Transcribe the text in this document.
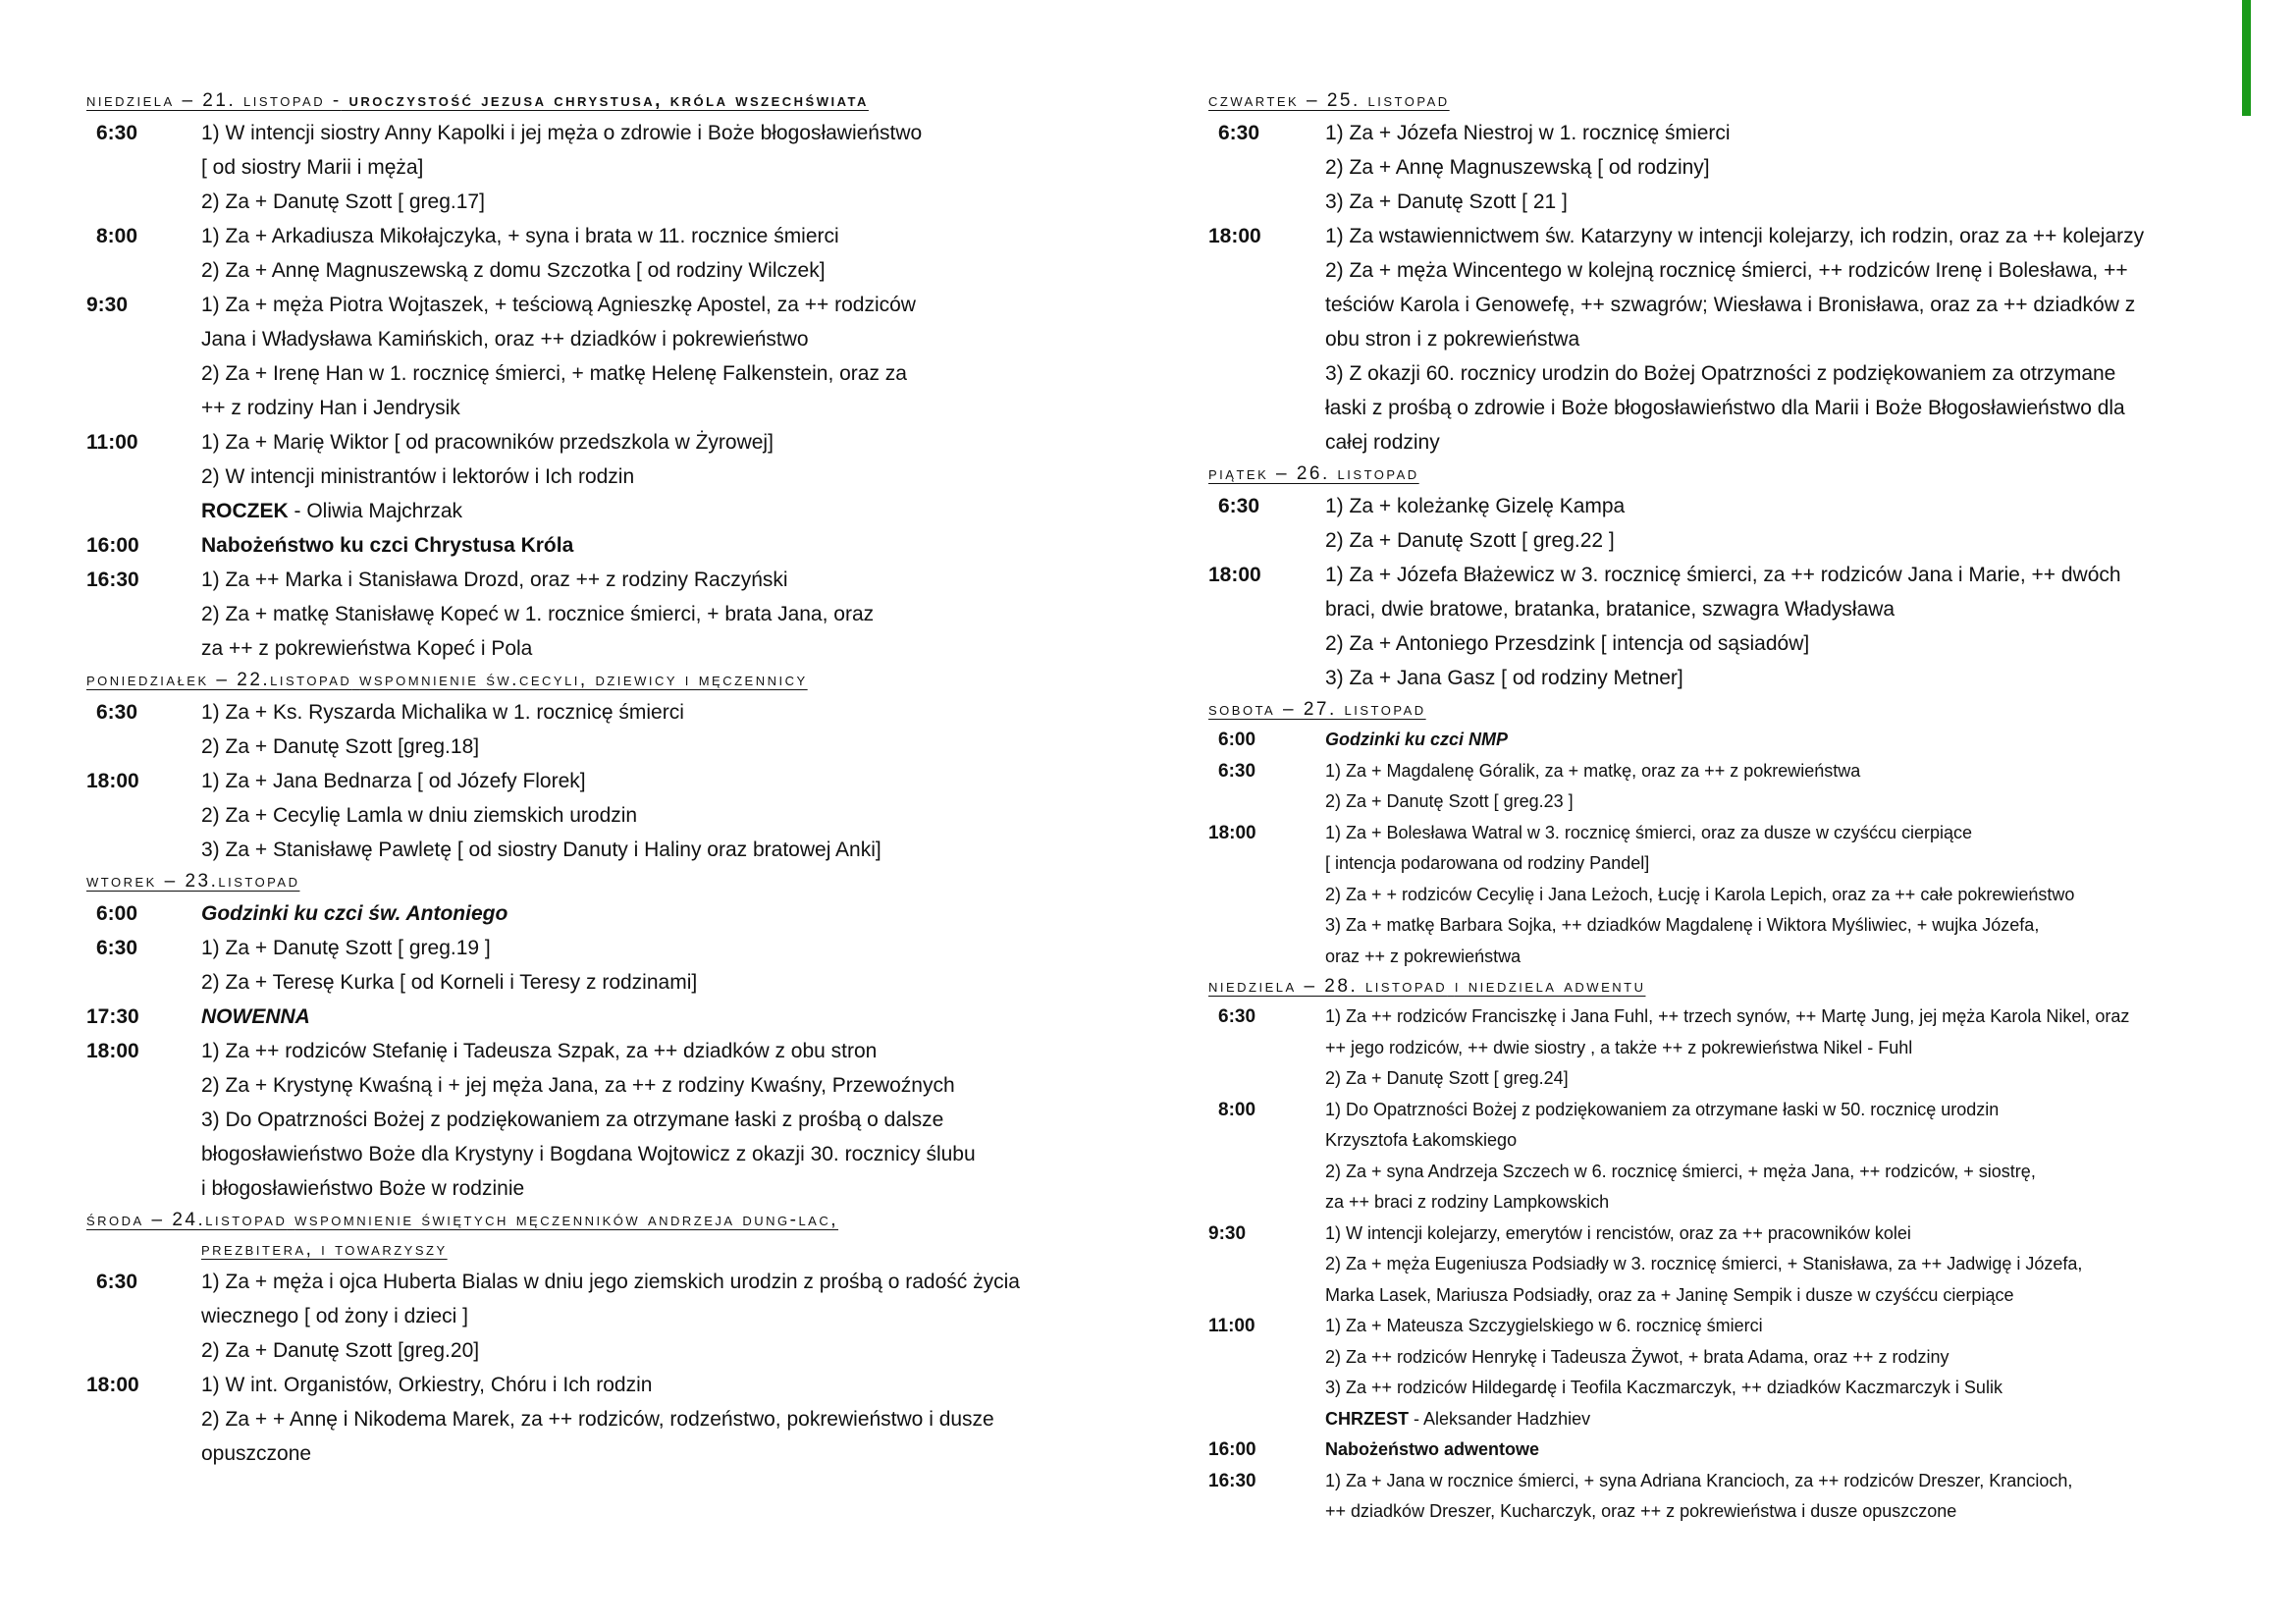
niedziela – 21. listopad - uroczystość jezusa chrystusa, króla wszechświata
6:30	1) W intencji siostry Anny Kapolki i jej męża o zdrowie i Boże błogosławieństwo
[ od siostry Marii i męża]
2) Za + Danutę Szott [ greg.17]
8:00	1) Za + Arkadiusza Mikołajczyka, + syna i brata w 11. rocznice śmierci
2) Za + Annę Magnuszewską z domu Szczotka [ od rodziny Wilczek]
9:30	1) Za + męża Piotra Wojtaszek, + teściową Agnieszkę Apostel, za ++ rodziców
Jana i Władysława Kamińskich, oraz ++ dziadków i pokrewieństwo
2) Za + Irenę Han w 1. rocznicę śmierci, + matkę Helenę Falkenstein, oraz za
++ z rodziny Han i Jendrysik
11:00	1) Za + Marię Wiktor [ od pracowników przedszkola w Żyrowej]
2) W intencji ministrantów i lektorów i Ich rodzin
ROCZEK - Oliwia Majchrzak
16:00	Nabożeństwo ku czci Chrystusa Króla
16:30	1) Za ++ Marka i Stanisława Drozd, oraz ++ z rodziny Raczyński
2) Za + matkę Stanisławę Kopeć w 1. rocznice śmierci, + brata Jana, oraz
za ++ z pokrewieństwa Kopeć i Pola
poniedziałek – 22.listopad wspomnienie św.cecyli, dziewicy i męczennicy
6:30	1) Za + Ks. Ryszarda Michalika w 1. rocznicę śmierci
2) Za + Danutę Szott [greg.18]
18:00	1) Za + Jana Bednarza [ od Józefy Florek]
2) Za + Cecylię Lamla w dniu ziemskich urodzin
3) Za + Stanisławę Pawletę [ od siostry Danuty i Haliny oraz bratowej Anki]
wtorek – 23.listopad
6:00	Godzinki ku czci św. Antoniego
6:30	1) Za + Danutę Szott [ greg.19 ]
2) Za + Teresę Kurka [ od Korneli i Teresy z rodzinami]
17:30	NOWENNA
18:00	1) Za ++ rodziców Stefanię i Tadeusza Szpak, za ++ dziadków z obu stron
2) Za + Krystynę Kwaśną i + jej męża Jana, za ++ z rodziny Kwaśny, Przewoźnych
3) Do Opatrzności Bożej z podziękowaniem za otrzymane łaski z prośbą o dalsze
błogosławieństwo Boże dla Krystyny i Bogdana Wojtowicz z okazji 30. rocznicy ślubu
i błogosławieństwo Boże w rodzinie
środa – 24.listopad wspomnienie świętych męczenników andrzeja dung-lac,
prezbitera, i towarzyszy
6:30	1) Za + męża i ojca Huberta Bialas w dniu jego ziemskich urodzin z prośbą o radość życia
wiecznego [ od żony i dzieci ]
2) Za + Danutę Szott [greg.20]
18:00	1) W int. Organistów, Orkiestry, Chóru i Ich rodzin
2) Za + + Annę i Nikodema Marek, za ++ rodziców, rodzeństwo, pokrewieństwo i dusze
opuszczone
czwartek – 25. listopad
6:30	1) Za + Józefa Niestroj w 1. rocznicę śmierci
2) Za + Annę Magnuszewską [ od rodziny]
3) Za + Danutę Szott [ 21 ]
18:00	1) Za wstawiennictwem św. Katarzyny w intencji kolejarzy, ich rodzin, oraz za ++ kolejarzy
2) Za + męża Wincentego w kolejną rocznicę śmierci, ++ rodziców Irenę i Bolesława, ++
teściów Karola i Genowefę, ++ szwagrów; Wiesława i Bronisława, oraz za ++ dziadków z
obu stron i z pokrewieństwa
3) Z okazji 60. rocznicy urodzin do Bożej Opatrzności z podziękowaniem za otrzymane
łaski z prośbą o zdrowie i Boże błogosławieństwo dla Marii i Boże Błogosławieństwo dla
całej rodziny
piątek – 26. listopad
6:30	1) Za + koleżankę Gizelę Kampa
2) Za + Danutę Szott [ greg.22 ]
18:00	1) Za + Józefa Błażewicz w 3. rocznicę śmierci, za ++ rodziców Jana i Marie, ++ dwóch
braci, dwie bratowe, bratanka, bratanice, szwagra Władysława
2) Za + Antoniego Przesdzink [ intencja od sąsiadów]
3) Za + Jana Gasz [ od rodziny Metner]
sobota – 27. listopad
6:00	Godzinki ku czci NMP
6:30	1) Za + Magdalenę Góralik, za + matkę, oraz za ++ z pokrewieństwa
2) Za + Danutę Szott [ greg.23 ]
18:00	1) Za + Bolesława Watral w 3. rocznicę śmierci, oraz za dusze w czyśćcu cierpiące
[ intencja podarowana od rodziny Pandel]
2) Za + + rodziców Cecylię i Jana Leżoch, Łucję i Karola Lepich, oraz za ++ całe pokrewieństwo
3) Za + matkę Barbara Sojka, ++ dziadków Magdalenę i Wiktora Myśliwiec, + wujka Józefa,
oraz ++ z pokrewieństwa
niedziela – 28. listopad i niedziela adwentu
6:30	1) Za ++ rodziców Franciszkę i Jana Fuhl, ++ trzech synów, ++ Martę Jung, jej męża Karola Nikel, oraz
++ jego rodziców, ++ dwie siostry , a także ++ z pokrewieństwa Nikel - Fuhl
2) Za + Danutę Szott [ greg.24]
8:00	1) Do Opatrzności Bożej z podziękowaniem za otrzymane łaski w 50. rocznicę urodzin
Krzysztofa Łakomskiego
2) Za + syna Andrzeja Szczech w 6. rocznicę śmierci, + męża Jana, ++ rodziców, + siostrę,
za ++ braci z rodziny Lampkowskich
9:30	1) W intencji kolejarzy, emerytów i rencistów, oraz za ++ pracowników kolei
2) Za + męża Eugeniusza Podsiadły w 3. rocznicę śmierci, + Stanisława, za ++ Jadwigę i Józefa,
Marka Lasek, Mariusza Podsiadły, oraz za + Janinę Sempik i dusze w czyśćcu cierpiące
11:00	1) Za + Mateusza Szczygielskiego w 6. rocznicę śmierci
2) Za ++ rodziców Henrykę i Tadeusza Żywot, + brata Adama, oraz ++ z rodziny
3) Za ++ rodziców Hildegardę i Teofila Kaczmarczyk, ++ dziadków Kaczmarczyk i Sulik
CHRZEST - Aleksander Hadzhiev
16:00	Nabożeństwo adwentowe
16:30	1) Za + Jana w rocznice śmierci, + syna Adriana Krancioch, za ++ rodziców Dreszer, Krancioch,
++ dziadków Dreszer, Kucharczyk, oraz ++ z pokrewieństwa i dusze opuszczone
